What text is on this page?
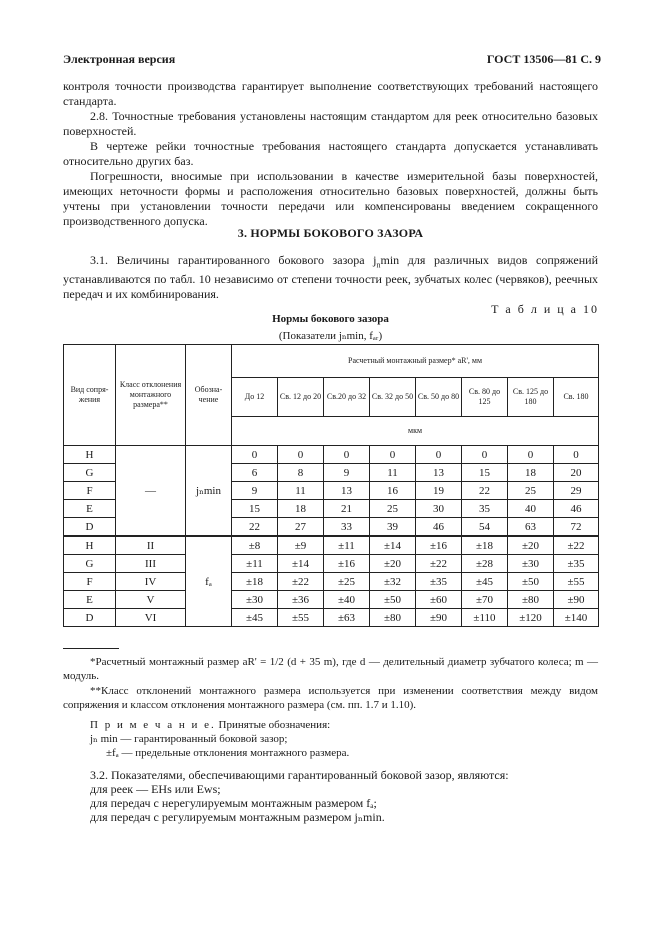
Электронная версия	ГОСТ 13506—81 С. 9
контроля точности производства гарантирует выполнение соответствующих требований настоящего стандарта.
2.8. Точностные требования установлены настоящим стандартом для реек относительно базовых поверхностей.
В чертеже рейки точностные требования настоящего стандарта допускается устанавливать относительно других баз.
Погрешности, вносимые при использовании в качестве измерительной базы поверхностей, имеющих неточности формы и расположения относительно базовых поверхностей, должны быть учтены при установлении точности передачи или компенсированы введением сокращенного производственного допуска.
3. НОРМЫ БОКОВОГО ЗАЗОРА
3.1. Величины гарантированного бокового зазора $j_n\min$ для различных видов сопряжений устанавливаются по табл. 10 независимо от степени точности реек, зубчатых колес (червяков), реечных передач и их комбинирования.
Т а б л и ц а 10
Нормы бокового зазора
(Показатели jₙmin, fₐᵣ)
Вид сопря-жения	Класс отклонения монтажного размера**	Обозна-чение	Расчетный монтажный размер* aR', мм							
			До 12	Св. 12 до 20	Св.20 до 32	Св. 32 до 50	Св. 50 до 80	Св. 80 до 125	Св. 125 до 180	Св. 180
			мкм							
H	—	jₙmin	0	0	0	0	0	0	0	0
G			6	8	9	11	13	15	18	20
F			9	11	13	16	19	22	25	29
E			15	18	21	25	30	35	40	46
D			22	27	33	39	46	54	63	72
H	II	fₐ	±8	±9	±11	±14	±16	±18	±20	±22
G	III		±11	±14	±16	±20	±22	±28	±30	±35
F	IV		±18	±22	±25	±32	±35	±45	±50	±55
E	V		±30	±36	±40	±50	±60	±70	±80	±90
D	VI		±45	±55	±63	±80	±90	±110	±120	±140
*Расчетный монтажный размер aR' = 1/2 (d + 35 m), где d — делительный диаметр зубчатого колеса; m — модуль.
**Класс отклонений монтажного размера используется при изменении соответствия между видом сопряжения и классом отклонения монтажного размера (см. пп. 1.7 и 1.10).
П р и м е ч а н и е. Принятые обозначения:
jₙ min — гарантированный боковой зазор;
±fₐ — предельные отклонения монтажного размера.
3.2. Показателями, обеспечивающими гарантированный боковой зазор, являются:
для реек — EHs или Ews;
для передач с нерегулируемым монтажным размером fₐ;
для передач с регулируемым монтажным размером jₙmin.
